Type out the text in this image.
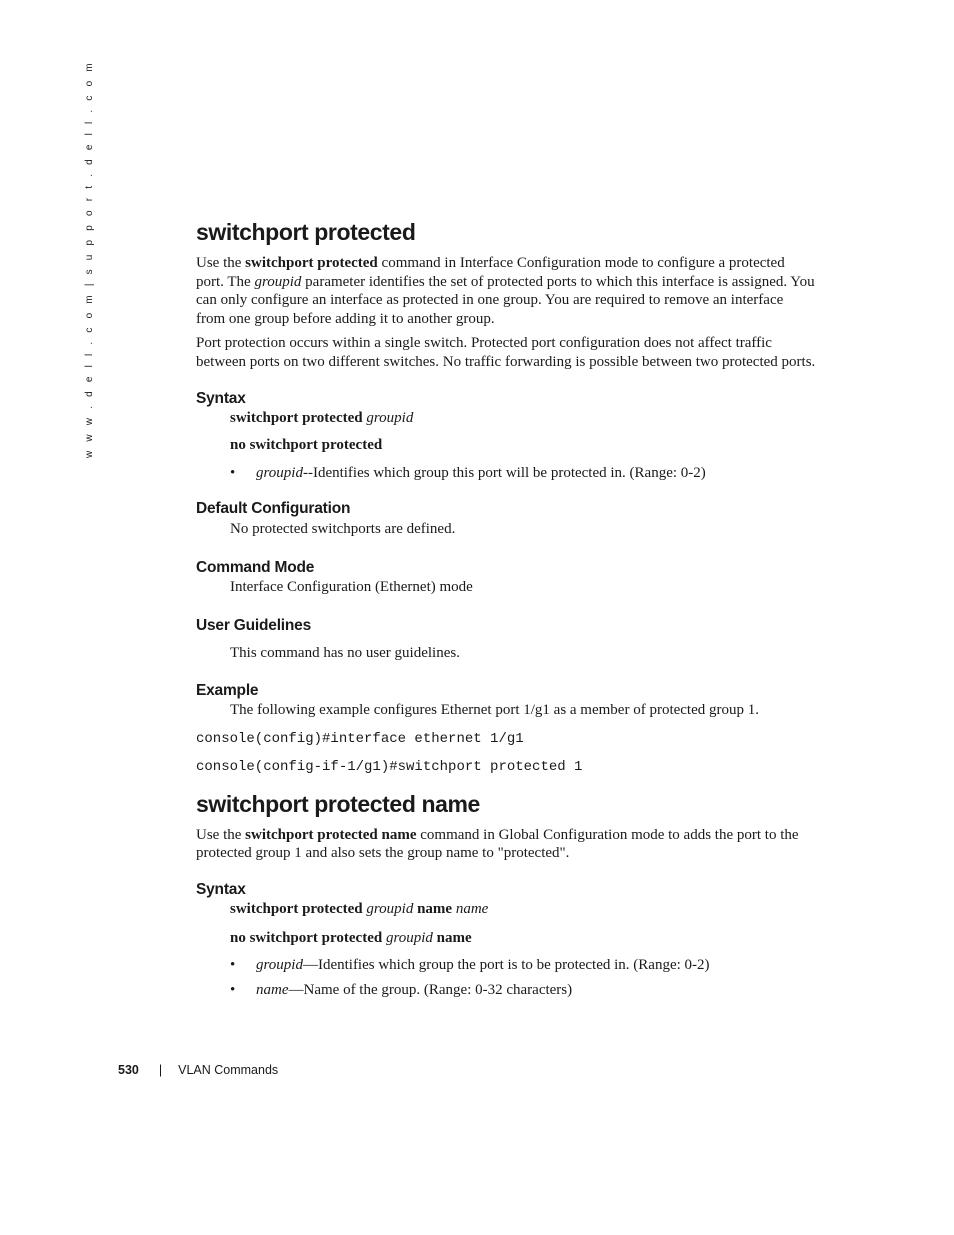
w w w . d e l l . c o m | s u p p o r t . d e l l . c o m	switchport protected

Use the switchport protected command in Interface Configuration mode to configure a protected port. The groupid parameter identifies the set of protected ports to which this interface is assigned. You can only configure an interface as protected in one group. You are required to remove an interface from one group before adding it to another group.

Port protection occurs within a single switch. Protected port configuration does not affect traffic between ports on two different switches. No traffic forwarding is possible between two protected ports.

Syntax

switchport protected groupid

no switchport protected

• groupid--Identifies which group this port will be protected in. (Range: 0-2)
Default Configuration

No protected switchports are defined.

Command Mode

Interface Configuration (Ethernet) mode

User Guidelines

This command has no user guidelines.

Example

The following example configures Ethernet port 1/g1 as a member of protected group 1.

console(config)#interface ethernet 1/g1

console(config-if-1/g1)#switchport protected 1

switchport protected name

Use the switchport protected name command in Global Configuration mode to adds the port to the protected group 1 and also sets the group name to "protected".

Syntax

switchport protected groupid name name

no switchport protected groupid name

• groupid—Identifies which group the port is to be protected in. (Range: 0-2)
• name—Name of the group. (Range: 0-32 characters)
530 | VLAN Commands
